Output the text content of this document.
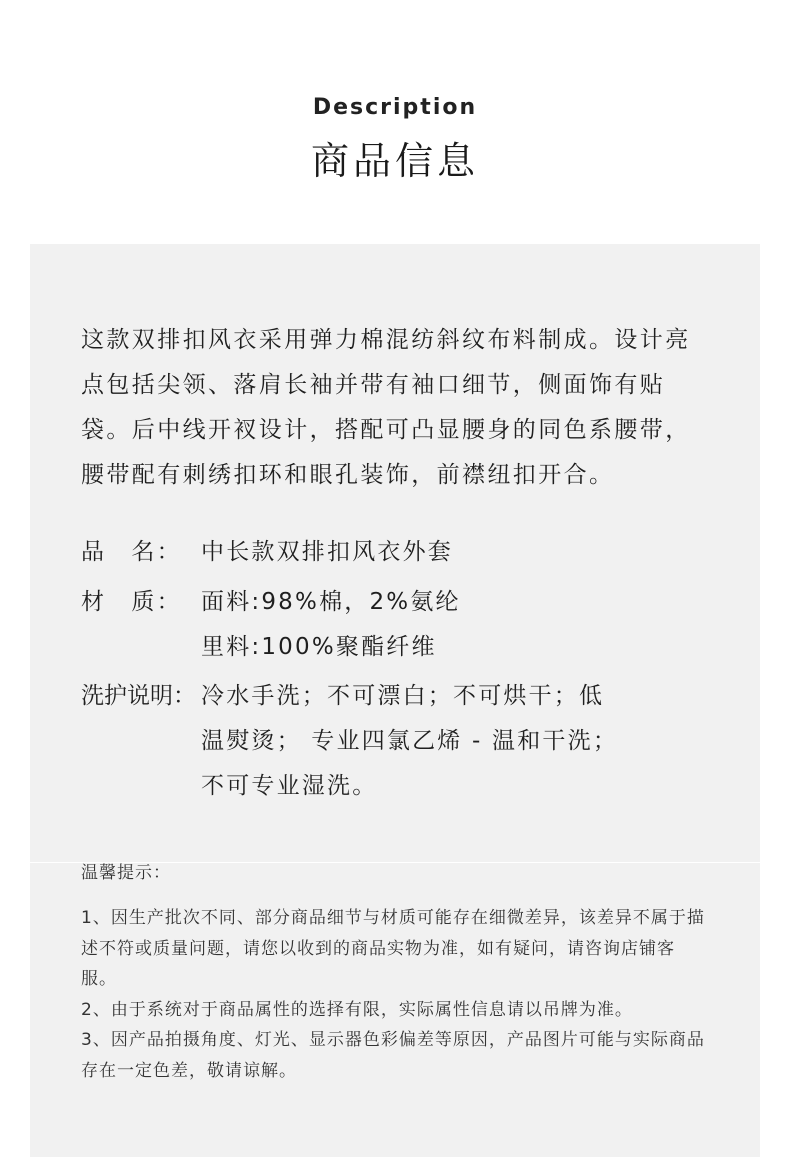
Description
商品信息
这款双排扣风衣采用弹力棉混纺斜纹布料制成。设计亮点包括尖领、落肩长袖并带有袖口细节，侧面饰有贴袋。后中线开衩设计，搭配可凸显腰身的同色系腰带，腰带配有刺绣扣环和眼孔装饰，前襟纽扣开合。
品　名： 中长款双排扣风衣外套
材　质： 面料:98%棉，2%氨纶
里料:100%聚酯纤维
洗护说明： 冷水手洗；不可漂白；不可烘干；低
温熨烫； 专业四氯乙烯 - 温和干洗；
不可专业湿洗。
温馨提示：

1、因生产批次不同、部分商品细节与材质可能存在细微差异，该差异不属于描述不符或质量问题，请您以收到的商品实物为准，如有疑问，请咨询店铺客服。

2、由于系统对于商品属性的选择有限，实际属性信息请以吊牌为准。

3、因产品拍摄角度、灯光、显示器色彩偏差等原因，产品图片可能与实际商品存在一定色差，敬请谅解。
